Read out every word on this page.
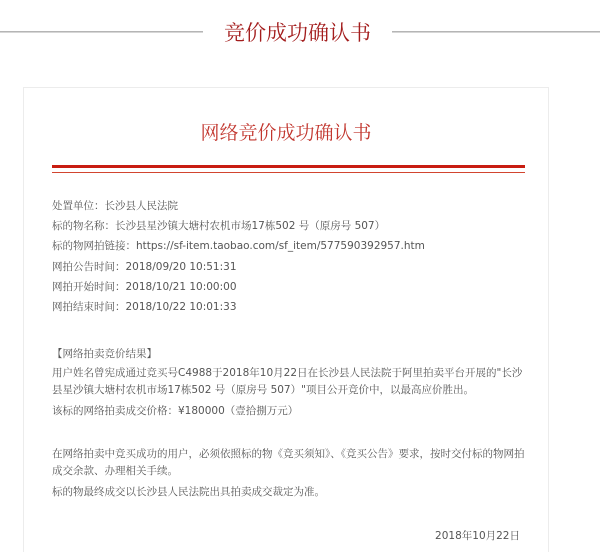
竞价成功确认书
网络竞价成功确认书
处置单位：长沙县人民法院
标的物名称：长沙县星沙镇大塘村农机市场17栋502 号（原房号 507）
标的物网拍链接：https://sf-item.taobao.com/sf_item/577590392957.htm
网拍公告时间：2018/09/20 10:51:31
网拍开始时间：2018/10/21 10:00:00
网拍结束时间：2018/10/22 10:01:33
【网络拍卖竞价结果】
用户姓名曾宪成通过竞买号C4988于2018年10月22日在长沙县人民法院于阿里拍卖平台开展的"长沙县星沙镇大塘村农机市场17栋502 号（原房号 507）"项目公开竞价中，以最高应价胜出。
该标的网络拍卖成交价格：¥180000（壹拾捌万元）
在网络拍卖中竞买成功的用户，必须依照标的物《竞买须知》、《竞买公告》要求，按时交付标的物网拍成交余款、办理相关手续。
标的物最终成交以长沙县人民法院出具拍卖成交裁定为准。
2018年10月22日
